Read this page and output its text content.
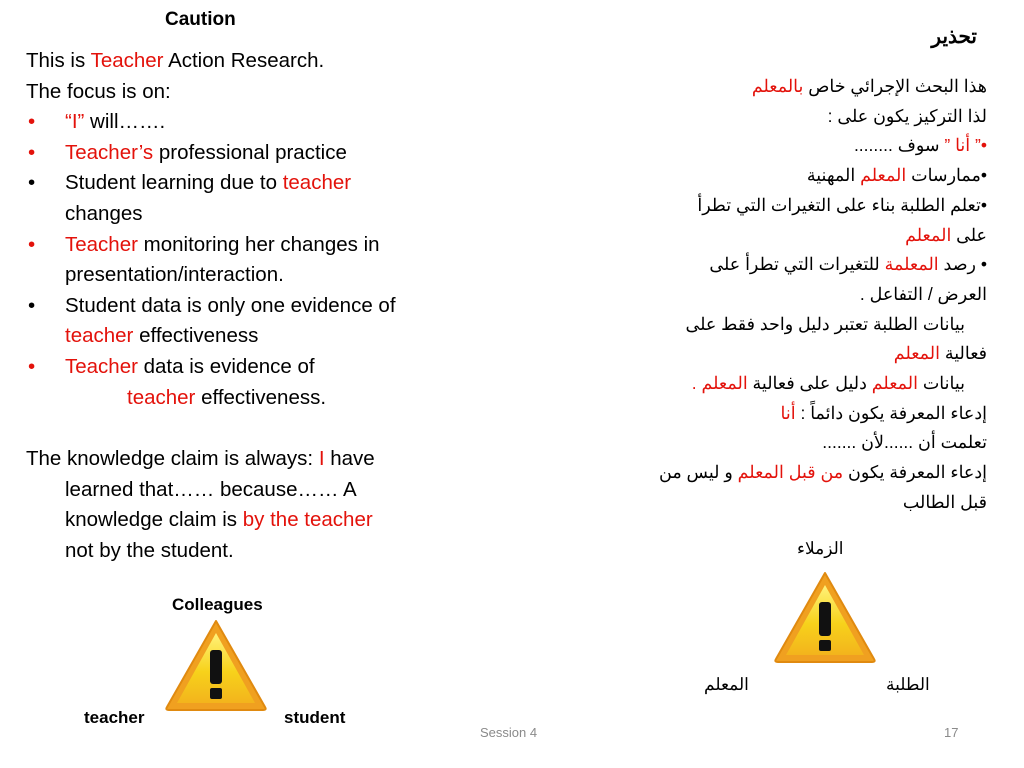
Caution
This is Teacher Action Research.
The focus is on:
• “I” will…….
• Teacher’s professional practice
• Student learning due to teacher
changes
• Teacher monitoring her changes in
presentation/interaction.
• Student data is only one evidence of
teacher effectiveness
• Teacher data is evidence of
teacher effectiveness.
The knowledge claim is always: I have
learned that…… because…… A
knowledge claim is by the teacher
not by the student.
Colleagues
teacher	student
تحذير
هذا البحث الإجرائي خاص بالمعلم
لذا التركيز يكون على :
•” أنا ” سوف ........
•ممارسات المعلم المهنية
•تعلم الطلبة بناء على التغيرات التي تطرأ
على المعلم
• رصد المعلمة للتغيرات التي تطرأ على
العرض / التفاعل .
بيانات الطلبة تعتبر دليل واحد فقط على
فعالية المعلم
بيانات المعلم دليل على فعالية المعلم .
إدعاء المعرفة يكون دائماً : أنا
تعلمت أن ......لأن .......
إدعاء المعرفة يكون من قبل المعلم و ليس من
قبل الطالب
الزملاء
المعلم	الطلبة
Session 4	17
